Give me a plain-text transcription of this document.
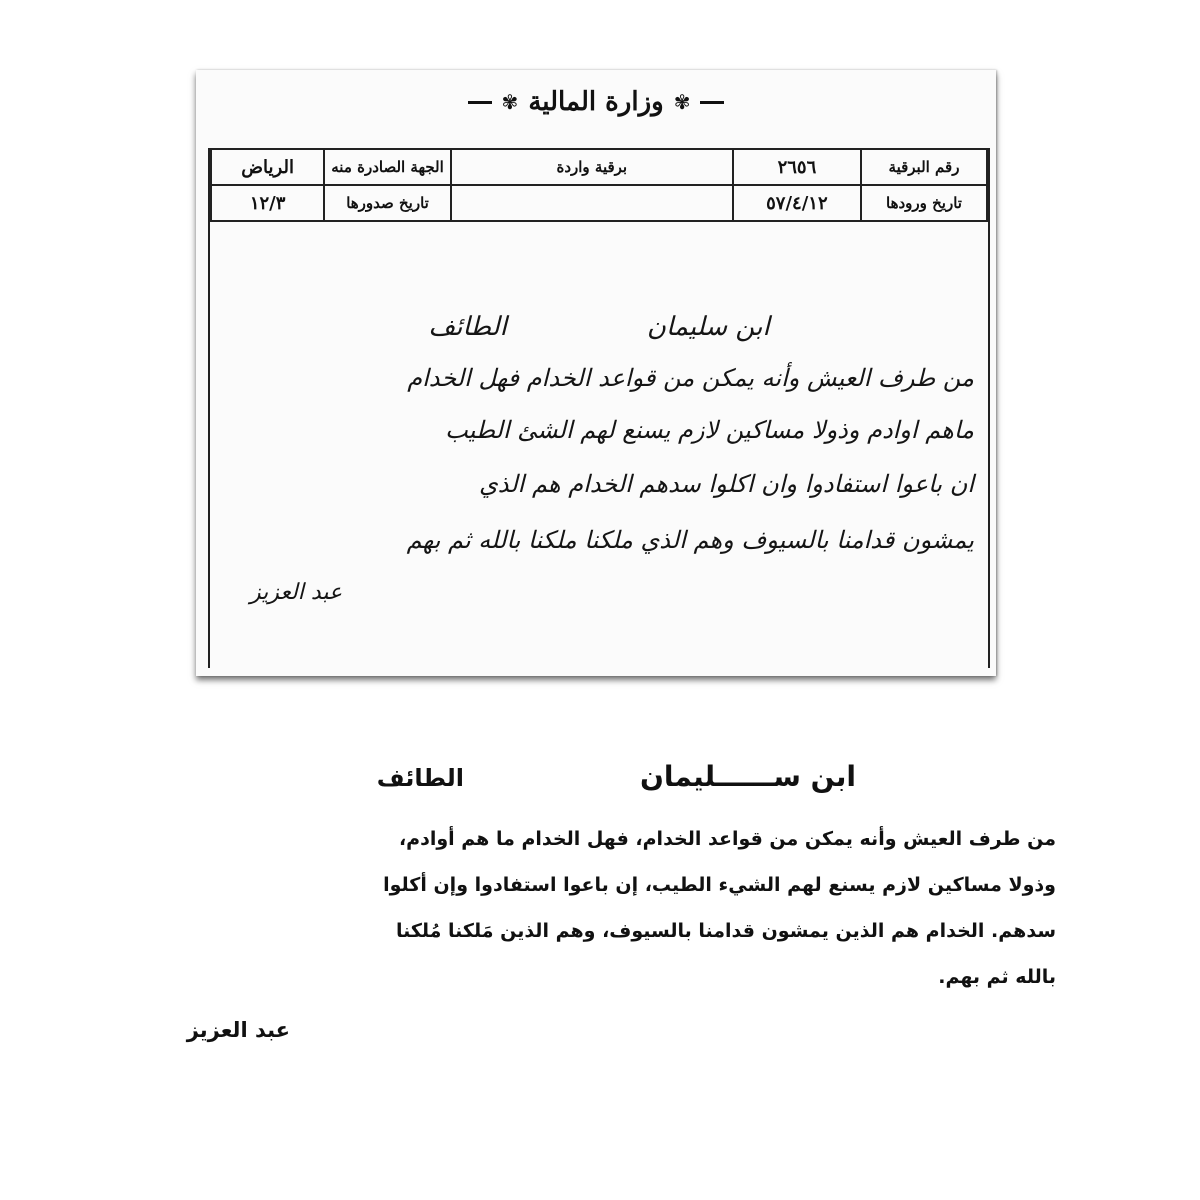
✾ وزارة المالية ✾
رقم البرقية	٢٦٥٦	برقية واردة	الجهة الصادرة منه	الرياض
تاريخ ورودها	٥٧/٤/١٢		تاريخ صدورها	١٢/٣

ابن سليمان
الطائف
من طرف العيش وأنه يمكن من قواعد الخدام فهل الخدام
ماهم اوادم وذولا مساكين لازم يسنع لهم الشئ الطيب
ان باعوا استفادوا وان اكلوا سدهم الخدام هم الذي
يمشون قدامنا بالسيوف وهم الذي ملكنا ملكنا بالله ثم بهم
عبد العزيز
ابن ســــــليمان
الطائف

من طرف العيش وأنه يمكن من قواعد الخدام، فهل الخدام ما هم أوادم،

وذولا مساكين لازم يسنع لهم الشيء الطيب، إن باعوا استفادوا وإن أكلوا

سدهم. الخدام هم الذين يمشون قدامنا بالسيوف، وهم الذين مَلكنا مُلكنا

بالله ثم بهم.

عبد العزيز
